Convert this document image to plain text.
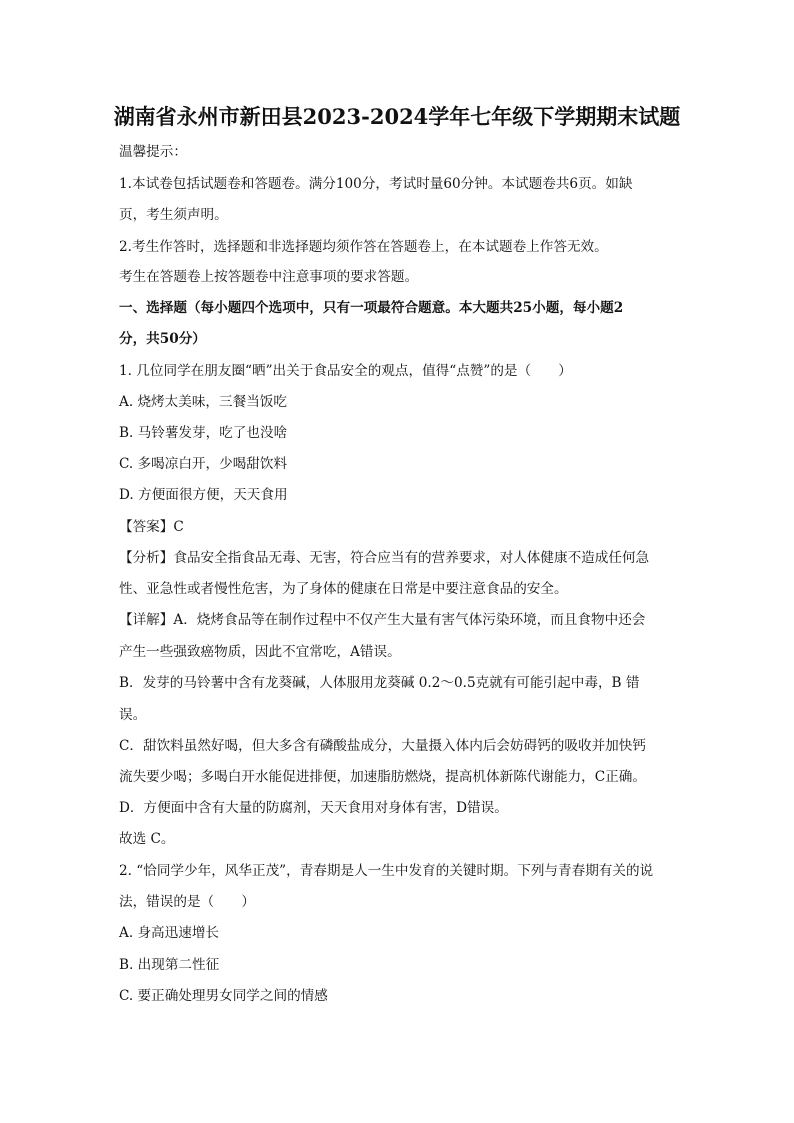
湖南省永州市新田县2023-2024学年七年级下学期期末试题
温馨提示：
1.本试卷包括试题卷和答题卷。满分100分，考试时量60分钟。本试题卷共6页。如缺
页，考生须声明。
2.考生作答时，选择题和非选择题均须作答在答题卷上，在本试题卷上作答无效。
考生在答题卷上按答题卷中注意事项的要求答题。
一、选择题（每小题四个选项中，只有一项最符合题意。本大题共25小题，每小题2
分，共50分）
1. 几位同学在朋友圈“晒”出关于食品安全的观点，值得“点赞”的是（　　）
A. 烧烤太美味，三餐当饭吃
B. 马铃薯发芽，吃了也没啥
C. 多喝凉白开，少喝甜饮料
D. 方便面很方便，天天食用
【答案】C
【分析】食品安全指食品无毒、无害，符合应当有的营养要求，对人体健康不造成任何急
性、亚急性或者慢性危害，为了身体的健康在日常是中要注意食品的安全。
【详解】A．烧烤食品等在制作过程中不仅产生大量有害气体污染环境，而且食物中还会
产生一些强致癌物质，因此不宜常吃，A错误。
B．发芽的马铃薯中含有龙葵碱，人体服用龙葵碱 0.2～0.5克就有可能引起中毒，B 错
误。
C．甜饮料虽然好喝，但大多含有磷酸盐成分，大量摄入体内后会妨碍钙的吸收并加快钙
流失要少喝；多喝白开水能促进排便，加速脂肪燃烧，提高机体新陈代谢能力，C正确。
D．方便面中含有大量的防腐剂，天天食用对身体有害，D错误。
故选 C。
2. “恰同学少年，风华正茂”，青春期是人一生中发育的关键时期。下列与青春期有关的说
法，错误的是（　　）
A. 身高迅速增长
B. 出现第二性征
C. 要正确处理男女同学之间的情感
